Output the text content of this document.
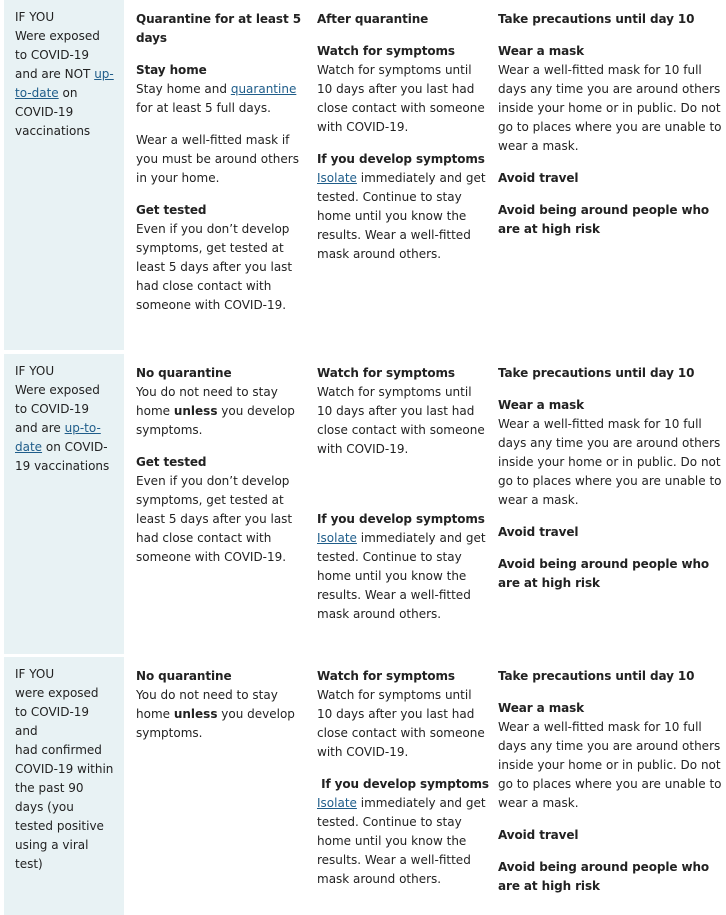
IF YOU

Were exposed to COVID-19 and are NOT up-to-date on COVID-19 vaccinations

Quarantine for at least 5 days

Stay home

Stay home and quarantine for at least 5 full days.

Wear a well-fitted mask if you must be around others in your home.

Get tested

Even if you don’t develop symptoms, get tested at least 5 days after you last had close contact with someone with COVID-19.

After quarantine

Watch for symptoms

Watch for symptoms until 10 days after you last had close contact with someone with COVID-19.

If you develop symptoms

Isolate immediately and get tested. Continue to stay home until you know the results. Wear a well-fitted mask around others.

Take precautions until day 10

Wear a mask

Wear a well-fitted mask for 10 full days any time you are around others inside your home or in public. Do not go to places where you are unable to wear a mask.

Avoid travel

Avoid being around people who are at high risk

IF YOU

Were exposed to COVID-19 and are up-to-date on COVID-19 vaccinations

No quarantine

You do not need to stay home unless you develop symptoms.

Get tested

Even if you don’t develop symptoms, get tested at least 5 days after you last had close contact with someone with COVID-19.

Watch for symptoms

Watch for symptoms until 10 days after you last had close contact with someone with COVID-19.

If you develop symptoms

Isolate immediately and get tested. Continue to stay home until you know the results. Wear a well-fitted mask around others.

Take precautions until day 10

Wear a mask

Wear a well-fitted mask for 10 full days any time you are around others inside your home or in public. Do not go to places where you are unable to wear a mask.

Avoid travel

Avoid being around people who are at high risk

IF YOU

were exposed to COVID-19 and

had confirmed COVID-19 within the past 90 days (you tested positive using a viral test)

No quarantine

You do not need to stay home unless you develop symptoms.

Watch for symptoms

Watch for symptoms until 10 days after you last had close contact with someone with COVID-19.

If you develop symptoms

Isolate immediately and get tested. Continue to stay home until you know the results. Wear a well-fitted mask around others.

Take precautions until day 10

Wear a mask

Wear a well-fitted mask for 10 full days any time you are around others inside your home or in public. Do not go to places where you are unable to wear a mask.

Avoid travel

Avoid being around people who are at high risk
